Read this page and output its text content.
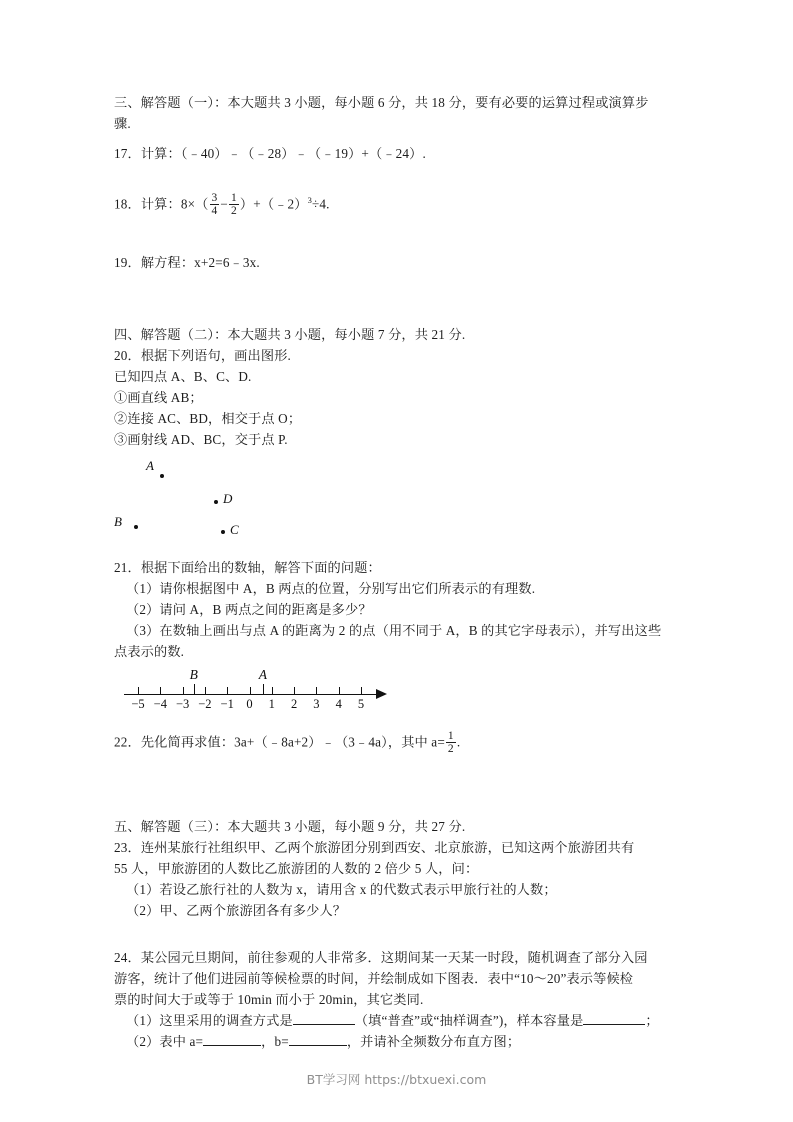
三、解答题（一）：本大题共 3 小题，每小题 6 分，共 18 分，要有必要的运算过程或演算步
骤.
17．计算：（﹣40）﹣（﹣28）﹣（﹣19）+（﹣24）.
18．计算：$8\times( \frac{3}{4} - \frac{1}{2}$ ）+（﹣2）$^3$÷4.
19．解方程：x+2=6﹣3x.
四、解答题（二）：本大题共 3 小题，每小题 7 分，共 21 分.
20．根据下列语句，画出图形.
已知四点 A、B、C、D.
①画直线 AB；
②连接 AC、BD，相交于点 O；
③画射线 AD、BC，交于点 P.
A
B
C
D
21．根据下面给出的数轴，解答下面的问题：
（1）请你根据图中 A，B 两点的位置，分别写出它们所表示的有理数.
（2）请问 A，B 两点之间的距离是多少？
（3）在数轴上画出与点 A 的距离为 2 的点（用不同于 A，B 的其它字母表示），并写出这些
点表示的数.
−5 −4 −3 −2 −1 0 1 2 3 4 5
B	A
22．先化简再求值：3a+（﹣8a+2）﹣（3﹣4a），其中 $a= \frac{1}{2}$ .
五、解答题（三）：本大题共 3 小题，每小题 9 分，共 27 分.
23．连州某旅行社组织甲、乙两个旅游团分别到西安、北京旅游，已知这两个旅游团共有
55 人，甲旅游团的人数比乙旅游团的人数的 2 倍少 5 人，问：
（1）若设乙旅行社的人数为 x，请用含 x 的代数式表示甲旅行社的人数；
（2）甲、乙两个旅游团各有多少人？
24．某公园元旦期间，前往参观的人非常多．这期间某一天某一时段，随机调查了部分入园
游客，统计了他们进园前等候检票的时间，并绘制成如下图表．表中“10～20”表示等候检
票的时间大于或等于 10min 而小于 20min，其它类同.
（1）这里采用的调查方式是	（填“普查”或“抽样调查”)，样本容量是	；
（2）表中 a=	，b=	，并请补全频数分布直方图；
BT学习网 https://btxuexi.com
